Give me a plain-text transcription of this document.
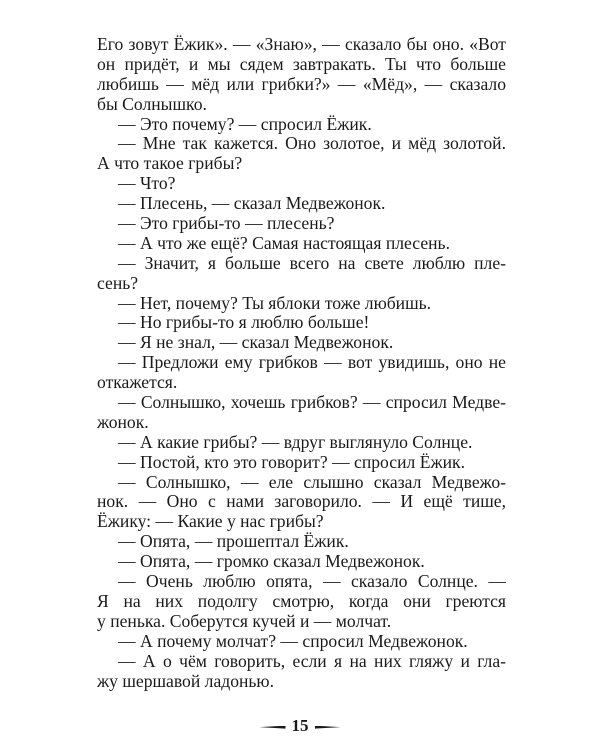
Его зовут Ёжик». — «Знаю», — сказало бы оно. «Вот
он придёт, и мы сядем завтракать. Ты что больше
любишь — мёд или грибки?» — «Мёд», — сказало
бы Солнышко.
— Это почему? — спросил Ёжик.
— Мне так кажется. Оно золотое, и мёд золотой.
А что такое грибы?
— Что?
— Плесень, — сказал Медвежонок.
— Это грибы-то — плесень?
— А что же ещё? Самая настоящая плесень.
— Значит, я больше всего на свете люблю пле-
сень?
— Нет, почему? Ты яблоки тоже любишь.
— Но грибы-то я люблю больше!
— Я не знал, — сказал Медвежонок.
— Предложи ему грибков — вот увидишь, оно не
откажется.
— Солнышко, хочешь грибков? — спросил Медве-
жонок.
— А какие грибы? — вдруг выглянуло Солнце.
— Постой, кто это говорит? — спросил Ёжик.
— Солнышко, — еле слышно сказал Медвежо-
нок. — Оно с нами заговорило. — И ещё тише,
Ёжику: — Какие у нас грибы?
— Опята, — прошептал Ёжик.
— Опята, — громко сказал Медвежонок.
— Очень люблю опята, — сказало Солнце. —
Я на них подолгу смотрю, когда они греются
у пенька. Соберутся кучей и — молчат.
— А почему молчат? — спросил Медвежонок.
— А о чём говорить, если я на них гляжу и гла-
жу шершавой ладонью.
15
